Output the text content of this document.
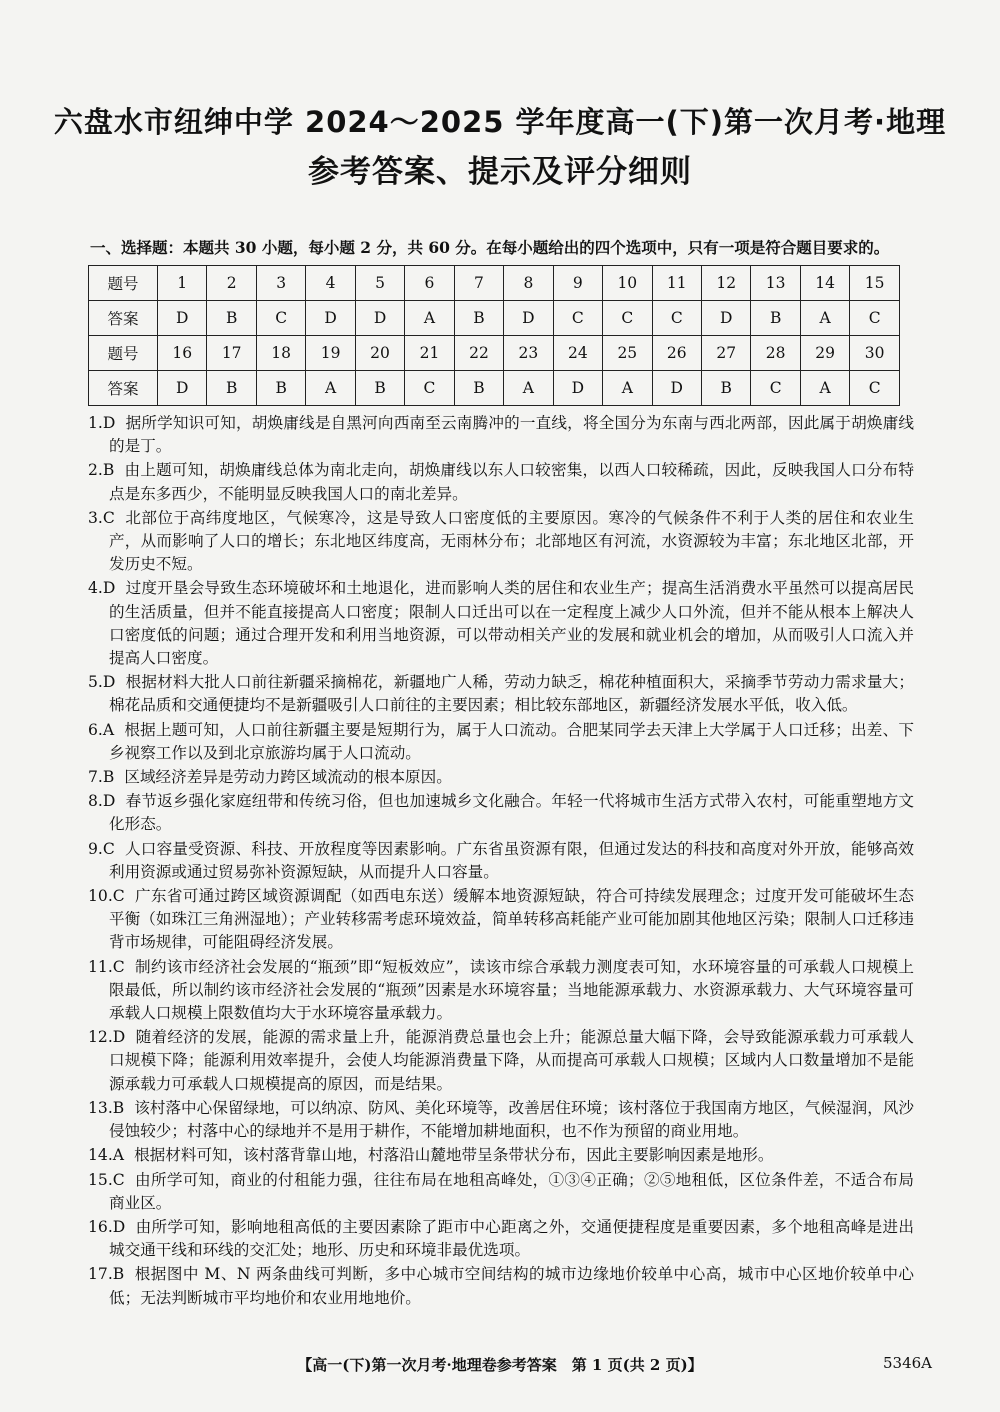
六盘水市纽绅中学 2024～2025 学年度高一(下)第一次月考·地理
参考答案、提示及评分细则
一、选择题：本题共 30 小题，每小题 2 分，共 60 分。在每小题给出的四个选项中，只有一项是符合题目要求的。
题号	1	2	3	4	5	6	7	8	9	10	11	12	13	14	15
答案	D	B	C	D	D	A	B	D	C	C	C	D	B	A	C
题号	16	17	18	19	20	21	22	23	24	25	26	27	28	29	30
答案	D	B	B	A	B	C	B	A	D	A	D	B	C	A	C
1.D 据所学知识可知，胡焕庸线是自黑河向西南至云南腾冲的一直线，将全国分为东南与西北两部，因此属于胡焕庸线的是丁。
2.B 由上题可知，胡焕庸线总体为南北走向，胡焕庸线以东人口较密集，以西人口较稀疏，因此，反映我国人口分布特点是东多西少，不能明显反映我国人口的南北差异。
3.C 北部位于高纬度地区，气候寒冷，这是导致人口密度低的主要原因。寒冷的气候条件不利于人类的居住和农业生产，从而影响了人口的增长；东北地区纬度高，无雨林分布；北部地区有河流，水资源较为丰富；东北地区北部，开发历史不短。
4.D 过度开垦会导致生态环境破坏和土地退化，进而影响人类的居住和农业生产；提高生活消费水平虽然可以提高居民的生活质量，但并不能直接提高人口密度；限制人口迁出可以在一定程度上减少人口外流，但并不能从根本上解决人口密度低的问题；通过合理开发和利用当地资源，可以带动相关产业的发展和就业机会的增加，从而吸引人口流入并提高人口密度。
5.D 根据材料大批人口前往新疆采摘棉花，新疆地广人稀，劳动力缺乏，棉花种植面积大，采摘季节劳动力需求量大；棉花品质和交通便捷均不是新疆吸引人口前往的主要因素；相比较东部地区，新疆经济发展水平低，收入低。
6.A 根据上题可知，人口前往新疆主要是短期行为，属于人口流动。合肥某同学去天津上大学属于人口迁移；出差、下乡视察工作以及到北京旅游均属于人口流动。
7.B 区域经济差异是劳动力跨区域流动的根本原因。
8.D 春节返乡强化家庭纽带和传统习俗，但也加速城乡文化融合。年轻一代将城市生活方式带入农村，可能重塑地方文化形态。
9.C 人口容量受资源、科技、开放程度等因素影响。广东省虽资源有限，但通过发达的科技和高度对外开放，能够高效利用资源或通过贸易弥补资源短缺，从而提升人口容量。
10.C 广东省可通过跨区域资源调配（如西电东送）缓解本地资源短缺，符合可持续发展理念；过度开发可能破坏生态平衡（如珠江三角洲湿地）；产业转移需考虑环境效益，简单转移高耗能产业可能加剧其他地区污染；限制人口迁移违背市场规律，可能阻碍经济发展。
11.C 制约该市经济社会发展的“瓶颈”即“短板效应”，读该市综合承载力测度表可知，水环境容量的可承载人口规模上限最低，所以制约该市经济社会发展的“瓶颈”因素是水环境容量；当地能源承载力、水资源承载力、大气环境容量可承载人口规模上限数值均大于水环境容量承载力。
12.D 随着经济的发展，能源的需求量上升，能源消费总量也会上升；能源总量大幅下降，会导致能源承载力可承载人口规模下降；能源利用效率提升，会使人均能源消费量下降，从而提高可承载人口规模；区域内人口数量增加不是能源承载力可承载人口规模提高的原因，而是结果。
13.B 该村落中心保留绿地，可以纳凉、防风、美化环境等，改善居住环境；该村落位于我国南方地区，气候湿润，风沙侵蚀较少；村落中心的绿地并不是用于耕作，不能增加耕地面积，也不作为预留的商业用地。
14.A 根据材料可知，该村落背靠山地，村落沿山麓地带呈条带状分布，因此主要影响因素是地形。
15.C 由所学可知，商业的付租能力强，往往布局在地租高峰处，①③④正确；②⑤地租低，区位条件差，不适合布局商业区。
16.D 由所学可知，影响地租高低的主要因素除了距市中心距离之外，交通便捷程度是重要因素，多个地租高峰是进出城交通干线和环线的交汇处；地形、历史和环境非最优选项。
17.B 根据图中 M、N 两条曲线可判断，多中心城市空间结构的城市边缘地价较单中心高，城市中心区地价较单中心低；无法判断城市平均地价和农业用地地价。
【高一(下)第一次月考·地理卷参考答案　第 1 页(共 2 页)】	5346A
